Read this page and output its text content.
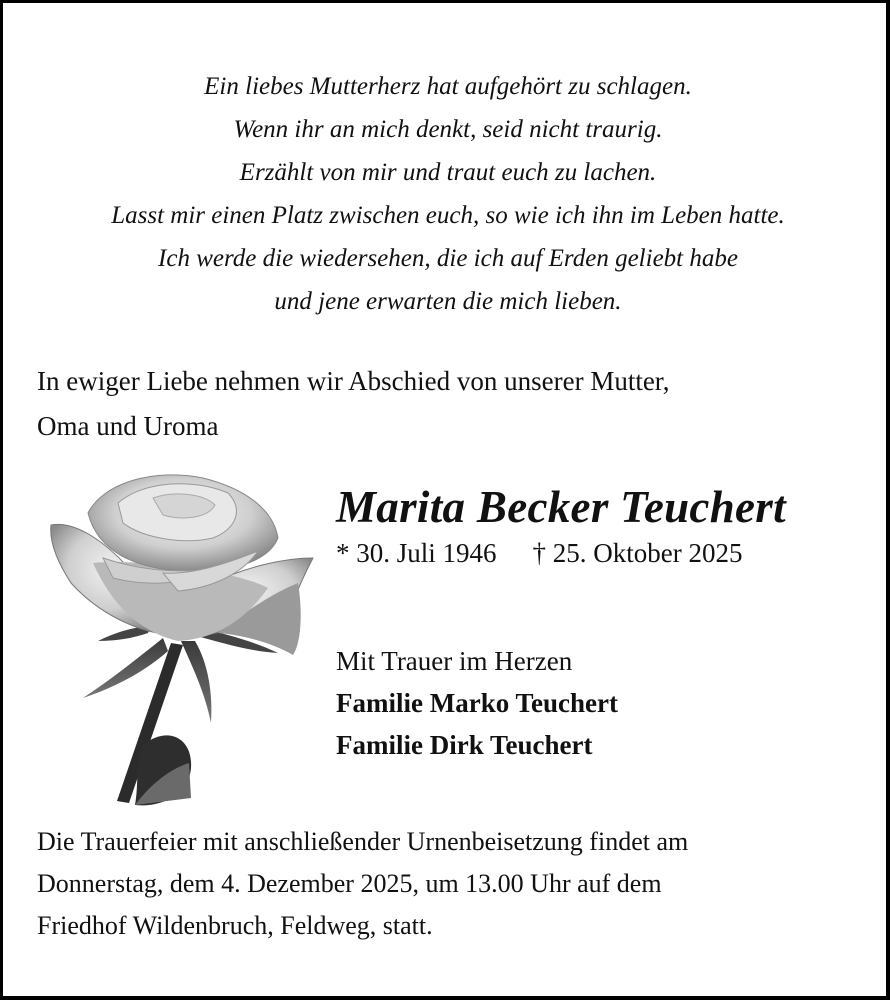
Ein liebes Mutterherz hat aufgehört zu schlagen.
Wenn ihr an mich denkt, seid nicht traurig.
Erzählt von mir und traut euch zu lachen.
Lasst mir einen Platz zwischen euch, so wie ich ihn im Leben hatte.
Ich werde die wiedersehen, die ich auf Erden geliebt habe
und jene erwarten die mich lieben.
In ewiger Liebe nehmen wir Abschied von unserer Mutter,
Oma und Uroma
Marita Becker Teuchert
* 30. Juli 1946 † 25. Oktober 2025
Mit Trauer im Herzen
Familie Marko Teuchert
Familie Dirk Teuchert
Die Trauerfeier mit anschließender Urnenbeisetzung findet am
Donnerstag, dem 4. Dezember 2025, um 13.00 Uhr auf dem
Friedhof Wildenbruch, Feldweg, statt.
